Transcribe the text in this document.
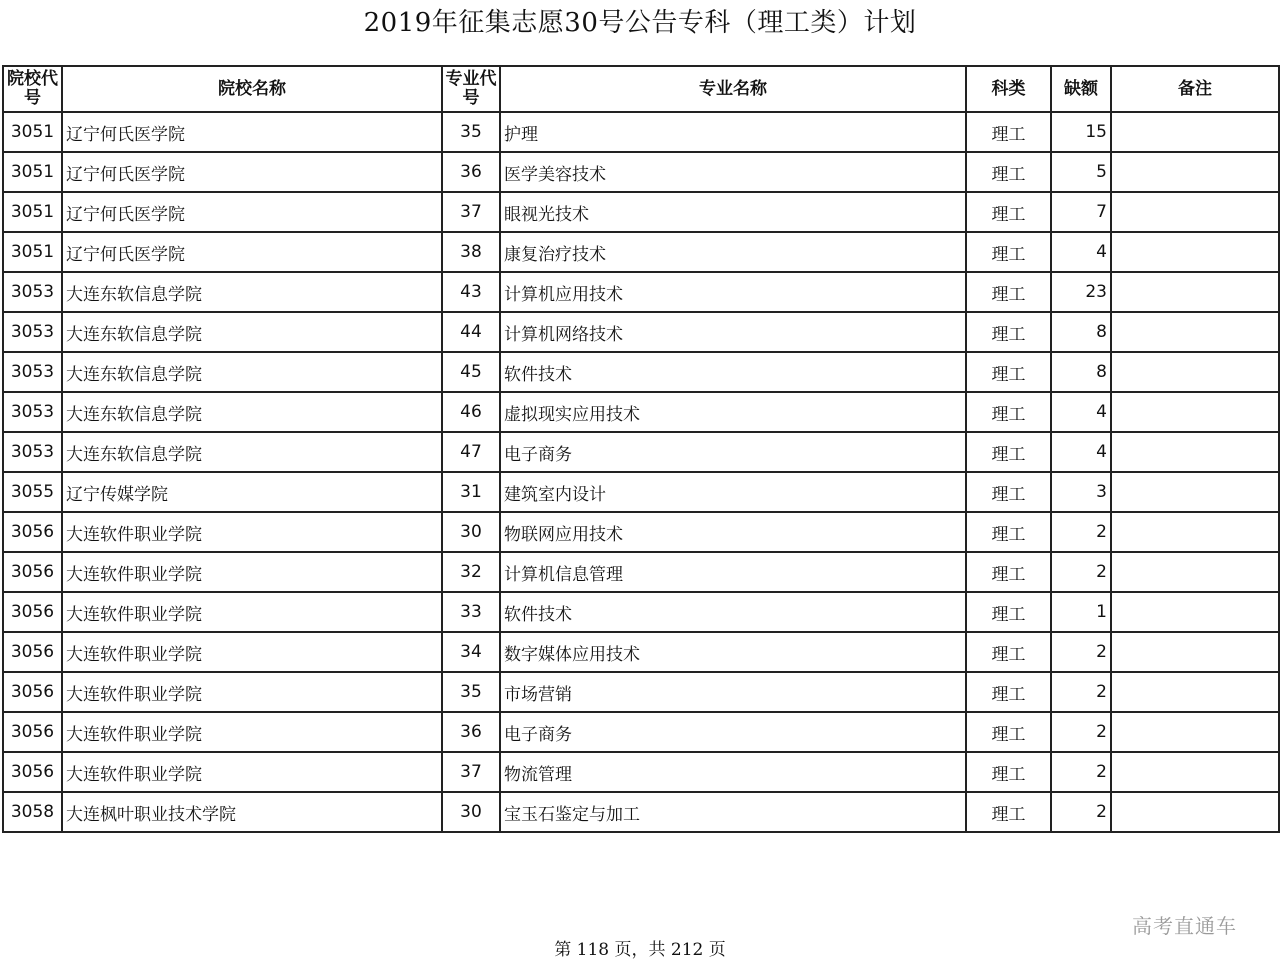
2019年征集志愿30号公告专科（理工类）计划
院校代号	院校名称	专业代号	专业名称	科类	缺额	备注
3051	辽宁何氏医学院	35	护理	理工	15	
3051	辽宁何氏医学院	36	医学美容技术	理工	5	
3051	辽宁何氏医学院	37	眼视光技术	理工	7	
3051	辽宁何氏医学院	38	康复治疗技术	理工	4	
3053	大连东软信息学院	43	计算机应用技术	理工	23	
3053	大连东软信息学院	44	计算机网络技术	理工	8	
3053	大连东软信息学院	45	软件技术	理工	8	
3053	大连东软信息学院	46	虚拟现实应用技术	理工	4	
3053	大连东软信息学院	47	电子商务	理工	4	
3055	辽宁传媒学院	31	建筑室内设计	理工	3	
3056	大连软件职业学院	30	物联网应用技术	理工	2	
3056	大连软件职业学院	32	计算机信息管理	理工	2	
3056	大连软件职业学院	33	软件技术	理工	1	
3056	大连软件职业学院	34	数字媒体应用技术	理工	2	
3056	大连软件职业学院	35	市场营销	理工	2	
3056	大连软件职业学院	36	电子商务	理工	2	
3056	大连软件职业学院	37	物流管理	理工	2	
3058	大连枫叶职业技术学院	30	宝玉石鉴定与加工	理工	2	
高考直通车
第 118 页，共 212 页
